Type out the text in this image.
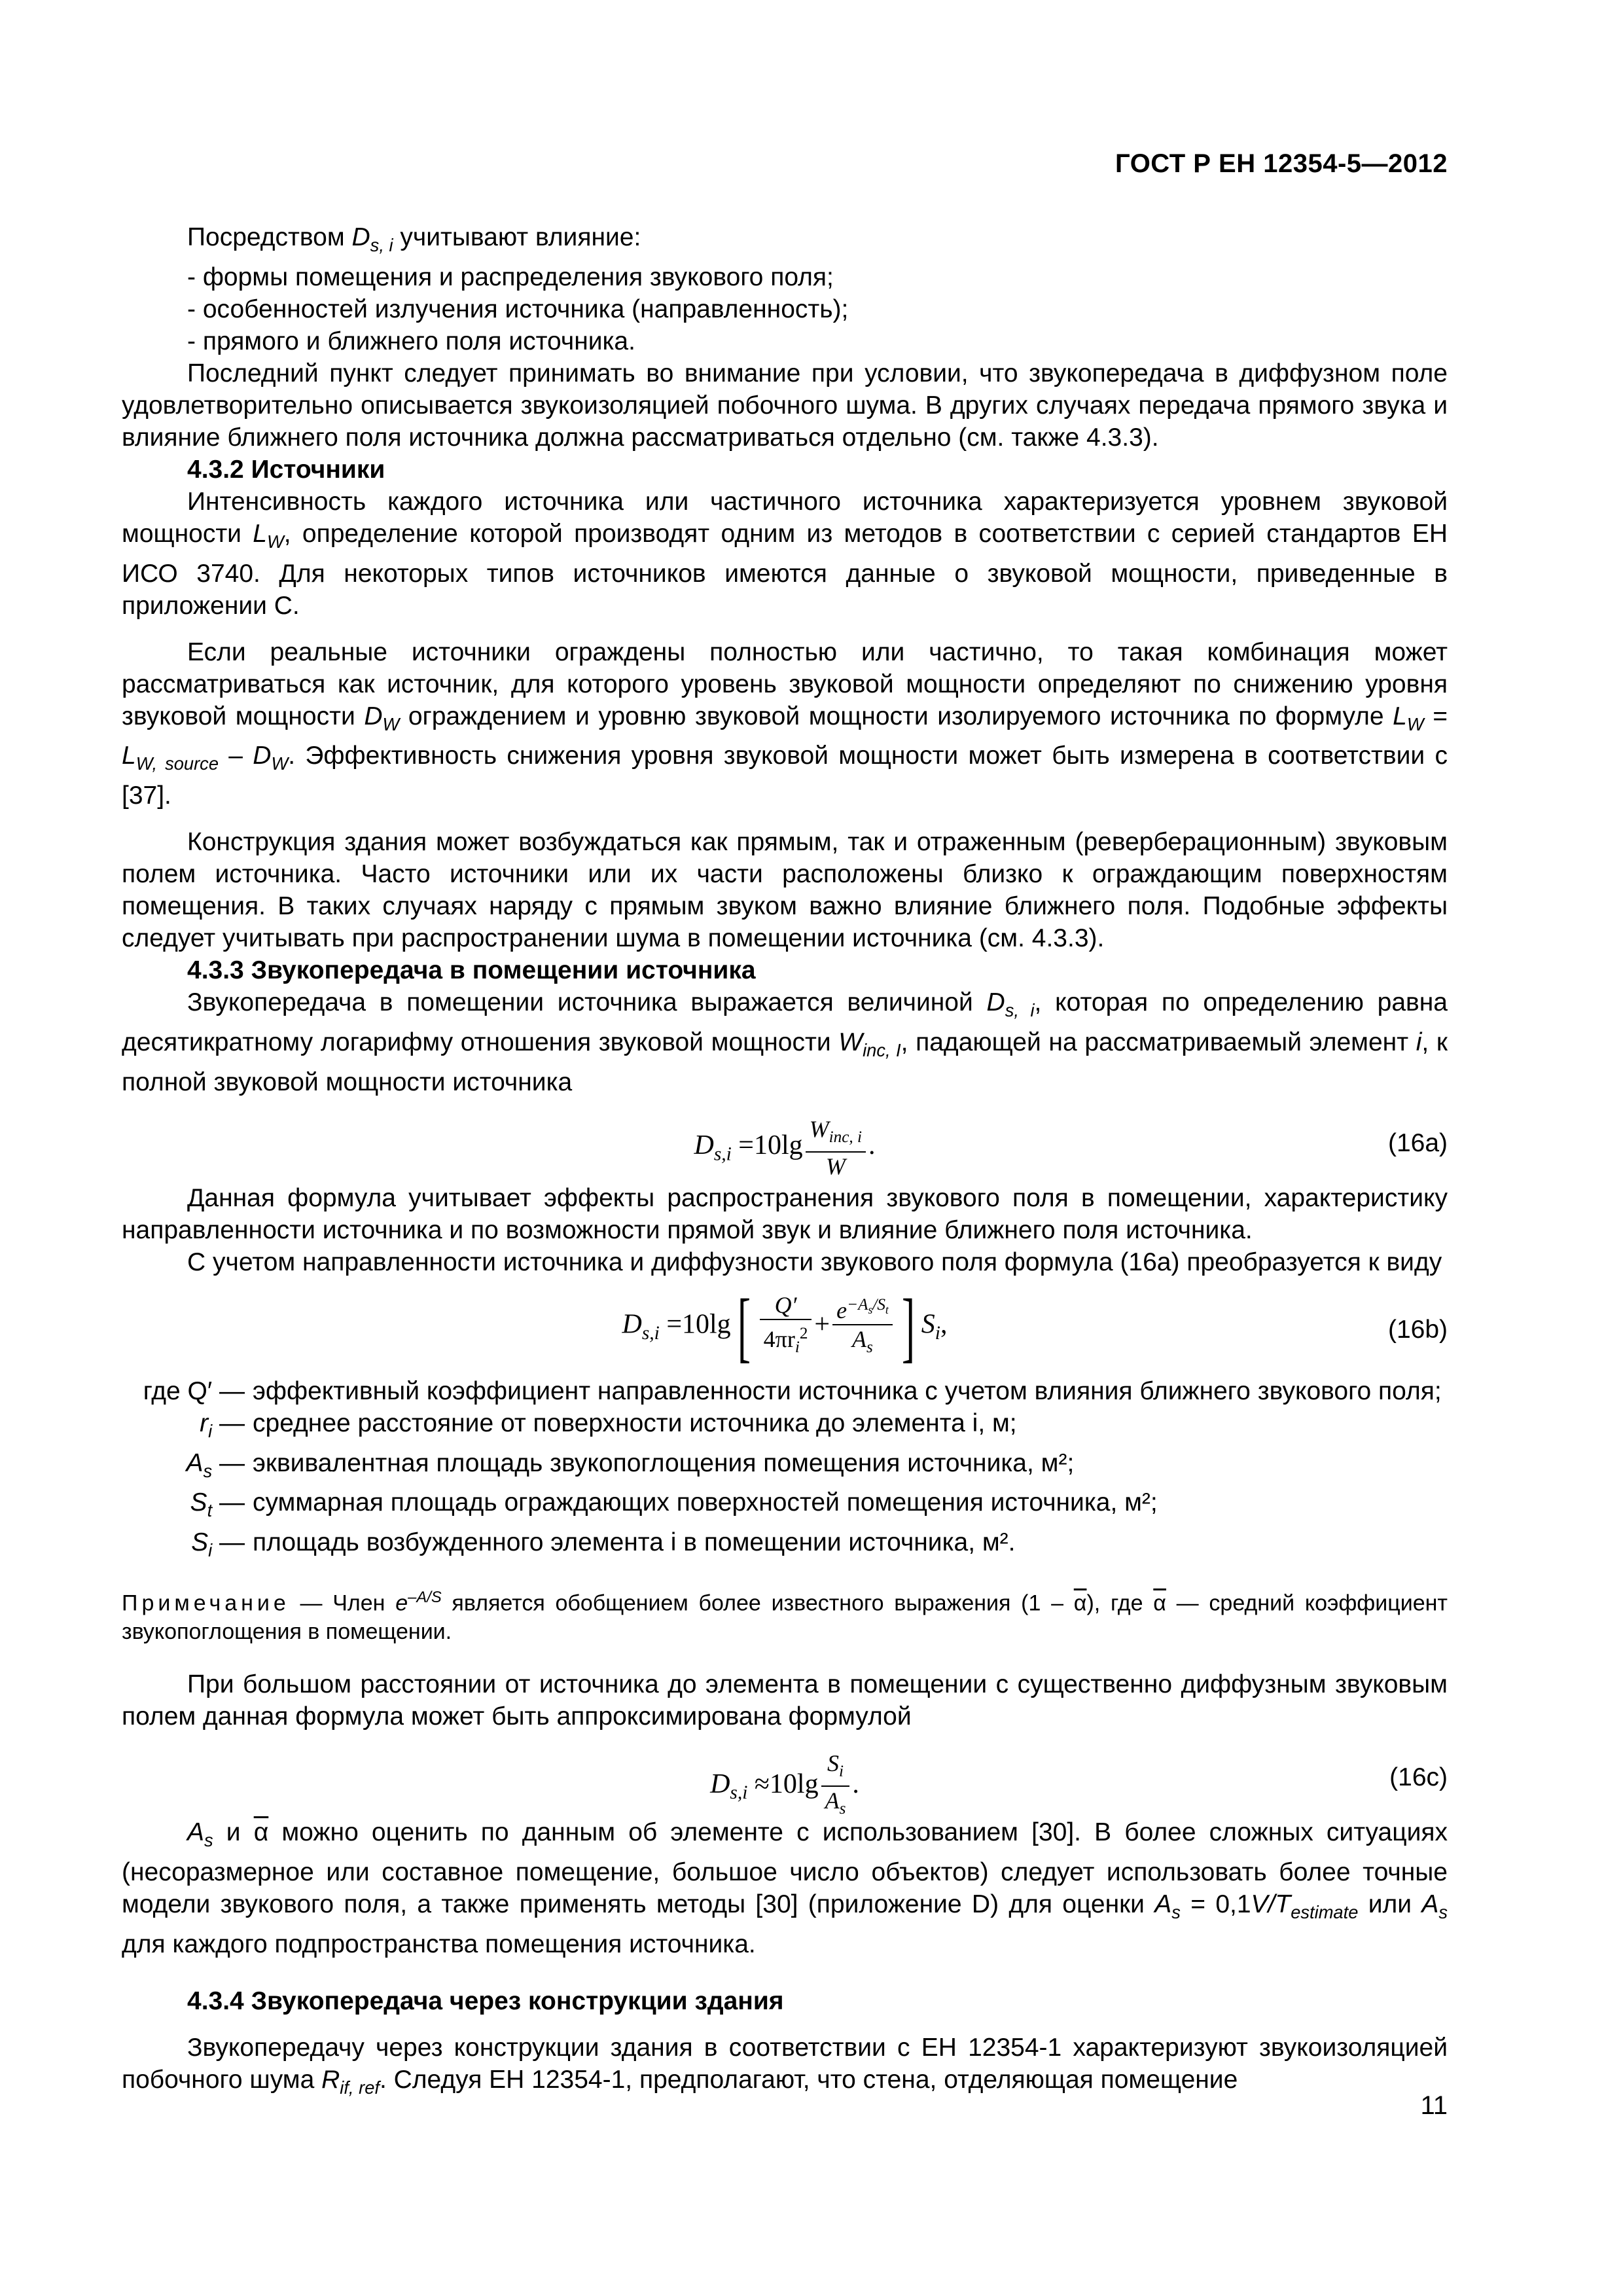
ГОСТ Р ЕН 12354-5—2012

Посредством $D_{s, i}$ учитывают влияние:

- формы помещения и распределения звукового поля;

- особенностей излучения источника (направленность);

- прямого и ближнего поля источника.

Последний пункт следует принимать во внимание при условии, что звукопередача в диффузном поле удовлетворительно описывается звукоизоляцией побочного шума. В других случаях передача прямого звука и влияние ближнего поля источника должна рассматриваться отдельно (см. также 4.3.3).

4.3.2 Источники

Интенсивность каждого источника или частичного источника характеризуется уровнем звуковой мощности $L_W$, определение которой производят одним из методов в соответствии с серией стандартов ЕН ИСО 3740. Для некоторых типов источников имеются данные о звуковой мощности, приведенные в приложении С.

Если реальные источники ограждены полностью или частично, то такая комбинация может рассматриваться как источник, для которого уровень звуковой мощности определяют по снижению уровня звуковой мощности $D_W$ ограждением и уровню звуковой мощности изолируемого источника по формуле $L_W = L_{W, source} - D_W$. Эффективность снижения уровня звуковой мощности может быть измерена в соответствии с [37].

Конструкция здания может возбуждаться как прямым, так и отраженным (реверберационным) звуковым полем источника. Часто источники или их части расположены близко к ограждающим поверхностям помещения. В таких случаях наряду с прямым звуком важно влияние ближнего поля. Подобные эффекты следует учитывать при распространении шума в помещении источника (см. 4.3.3).

4.3.3 Звукопередача в помещении источника

Звукопередача в помещении источника выражается величиной $D_{s, i}$, которая по определению равна десятикратному логарифму отношения звуковой мощности $W_{inc, I}$, падающей на рассматриваемый элемент i, к полной звуковой мощности источника

$D_{s,i} =10\lg \frac{W_{inc, i}}{W}$ .	(16a)

Данная формула учитывает эффекты распространения звукового поля в помещении, характеристику направленности источника и по возможности прямой звук и влияние ближнего поля источника.

С учетом направленности источника и диффузности звукового поля формула (16а) преобразуется к виду

$D_{s,i} =10\lg[ \frac{Q'}{4\pi r_i^2} + \frac{e^{-A_s/S_t}}{A_s}$ ] $S_i$,	(16b)
где Q′ — эффективный коэффициент направленности источника с учетом влияния ближнего звукового поля;
$r_i$ — среднее расстояние от поверхности источника до элемента i, м;
$A_s$ — эквивалентная площадь звукопоглощения помещения источника, м²;
$S_t$ — суммарная площадь ограждающих поверхностей помещения источника, м²;
$S_i$ — площадь возбужденного элемента i в помещении источника, м².

Примечание — Член $e^{-A/S}$ является обобщением более известного выражения $(1 - \overline{\alpha})$, где $\overline{\alpha}$ — средний коэффициент звукопоглощения в помещении.

При большом расстоянии от источника до элемента в помещении с существенно диффузным звуковым полем данная формула может быть аппроксимирована формулой

$D_{s,i} \approx 10\lg \frac{S_i}{A_s}$ .	(16c)

$A_s$ и $\overline{\alpha}$ можно оценить по данным об элементе с использованием [30]. В более сложных ситуациях (несоразмерное или составное помещение, большое число объектов) следует использовать более точные модели звукового поля, а также применять методы [30] (приложение D) для оценки $A_s = 0,1V/T_{estimate}$ или $A_s$ для каждого подпространства помещения источника.

4.3.4 Звукопередача через конструкции здания

Звукопередачу через конструкции здания в соответствии с ЕН 12354-1 характеризуют звукоизоляцией побочного шума $R_{if, ref}$. Следуя ЕН 12354-1, предполагают, что стена, отделяющая помещение

11
